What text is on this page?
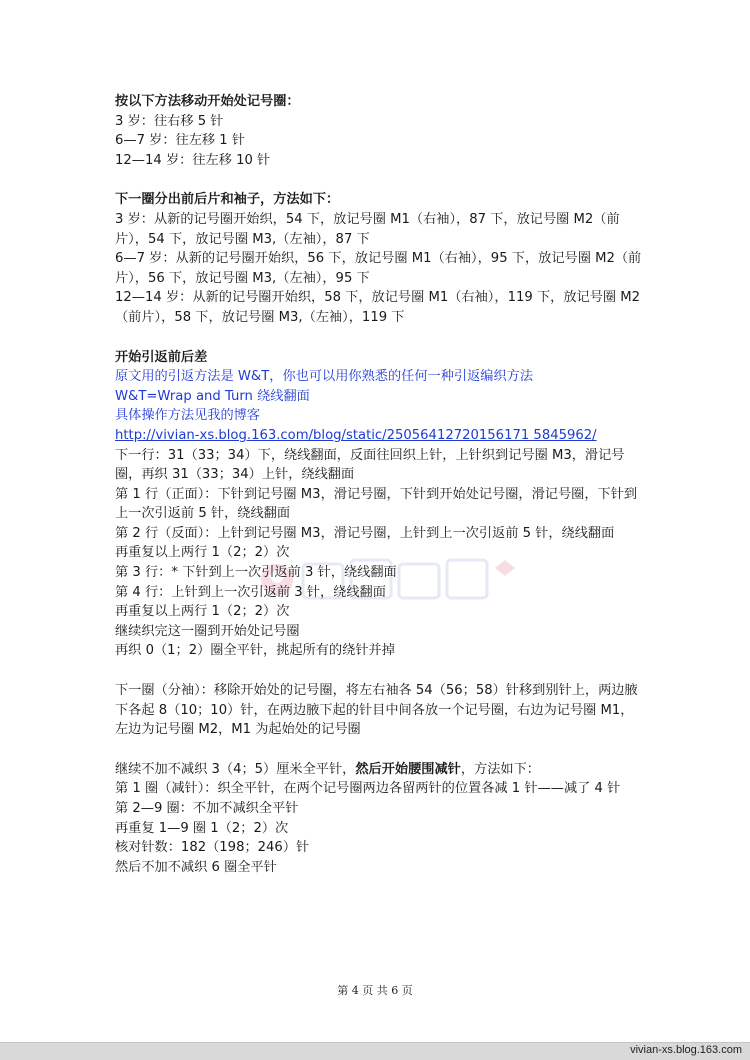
按以下方法移动开始处记号圈：
3 岁：往右移 5 针
6—7 岁：往左移 1 针
12—14 岁：往左移 10 针
下一圈分出前后片和袖子，方法如下：
3 岁：从新的记号圈开始织，54 下，放记号圈 M1（右袖），87 下，放记号圈 M2（前片），54 下，放记号圈 M3,（左袖），87 下
6—7 岁：从新的记号圈开始织，56 下，放记号圈 M1（右袖），95 下，放记号圈 M2（前片），56 下，放记号圈 M3,（左袖），95 下
12—14 岁：从新的记号圈开始织，58 下，放记号圈 M1（右袖），119 下，放记号圈 M2（前片），58 下，放记号圈 M3,（左袖），119 下
开始引返前后差
原文用的引返方法是 W&T，你也可以用你熟悉的任何一种引返编织方法
W&T=Wrap and Turn 绕线翻面
具体操作方法见我的博客
http://vivian-xs.blog.163.com/blog/static/25056412720156171 5845962/
下一行：31（33；34）下，绕线翻面，反面往回织上针，上针织到记号圈 M3，滑记号圈，再织 31（33；34）上针，绕线翻面
第 1 行（正面）：下针到记号圈 M3，滑记号圈，下针到开始处记号圈，滑记号圈，下针到上一次引返前 5 针，绕线翻面
第 2 行（反面）：上针到记号圈 M3，滑记号圈，上针到上一次引返前 5 针，绕线翻面
再重复以上两行 1（2；2）次
第 3 行：* 下针到上一次引返前 3 针，绕线翻面
第 4 行：上针到上一次引返前 3 针，绕线翻面
再重复以上两行 1（2；2）次
继续织完这一圈到开始处记号圈
再织 0（1；2）圈全平针，挑起所有的绕针并掉
下一圈（分袖）：移除开始处的记号圈，将左右袖各 54（56；58）针移到别针上，两边腋下各起 8（10；10）针，在两边腋下起的针目中间各放一个记号圈，右边为记号圈 M1，左边为记号圈 M2，M1 为起始处的记号圈
继续不加不减织 3（4；5）厘米全平针，然后开始腰围减针，方法如下：
第 1 圈（减针）：织全平针，在两个记号圈两边各留两针的位置各减 1 针——减了 4 针
第 2—9 圈：不加不减织全平针
再重复 1—9 圈 1（2；2）次
核对针数：182（198；246）针
然后不加不减织 6 圈全平针
第 4 页 共 6 页
vivian-xs.blog.163.com
